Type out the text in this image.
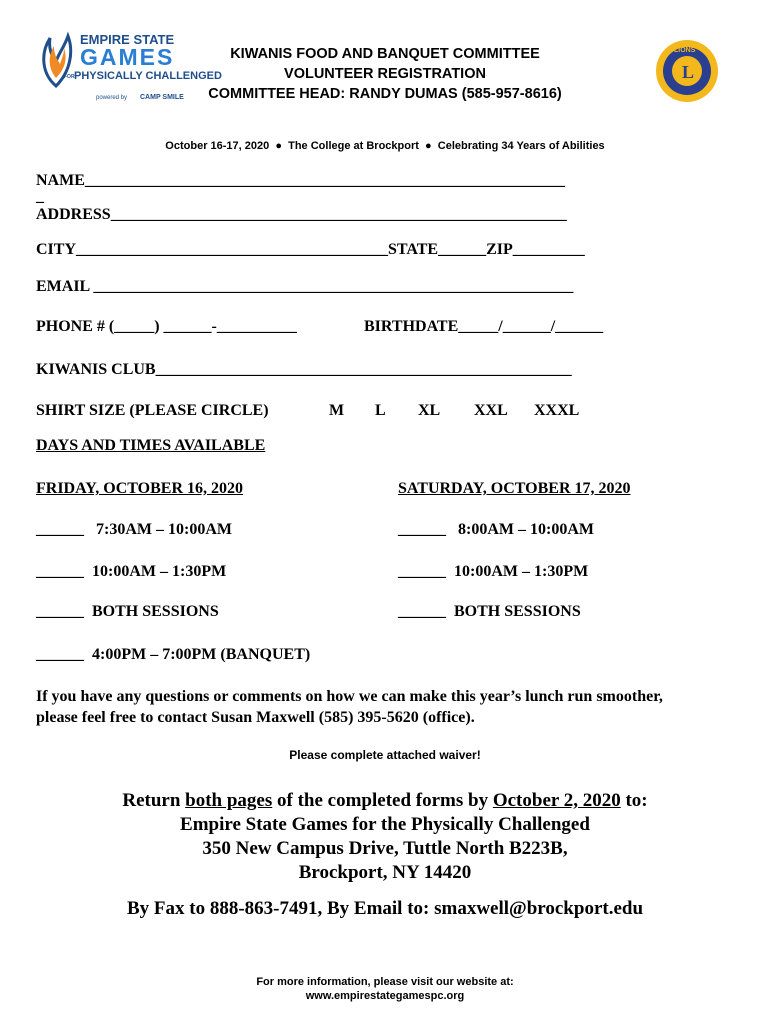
EMPIRE STATE
GAMES
FOR PHYSICALLY CHALLENGED
powered by CAMP SMILE
L
LIONS
KIWANIS FOOD AND BANQUET COMMITTEE
VOLUNTEER REGISTRATION
COMMITTEE HEAD: RANDY DUMAS (585-957-8616)
October 16-17, 2020  ●  The College at Brockport  ●  Celebrating 34 Years of Abilities
NAME____________________________________________________________
_
ADDRESS_________________________________________________________
CITY_______________________________________STATE______ZIP_________
EMAIL ____________________________________________________________
PHONE # (_____) ______-__________	BIRTHDATE_____/______/______
KIWANIS CLUB____________________________________________________
SHIRT SIZE (PLEASE CIRCLE)	M L XL XXL XXXL
DAYS AND TIMES AVAILABLE
FRIDAY, OCTOBER 16, 2020
______   7:30AM – 10:00AM
______  10:00AM – 1:30PM
______  BOTH SESSIONS
______  4:00PM – 7:00PM (BANQUET)
SATURDAY, OCTOBER 17, 2020
______   8:00AM – 10:00AM
______  10:00AM – 1:30PM
______  BOTH SESSIONS
If you have any questions or comments on how we can make this year’s lunch run smoother,
please feel free to contact Susan Maxwell (585) 395-5620 (office).
Please complete attached waiver!
Return both pages of the completed forms by October 2, 2020 to:
Empire State Games for the Physically Challenged
350 New Campus Drive, Tuttle North B223B,
Brockport, NY 14420
By Fax to 888-863-7491, By Email to: smaxwell@brockport.edu
For more information, please visit our website at:
www.empirestategamespc.org
